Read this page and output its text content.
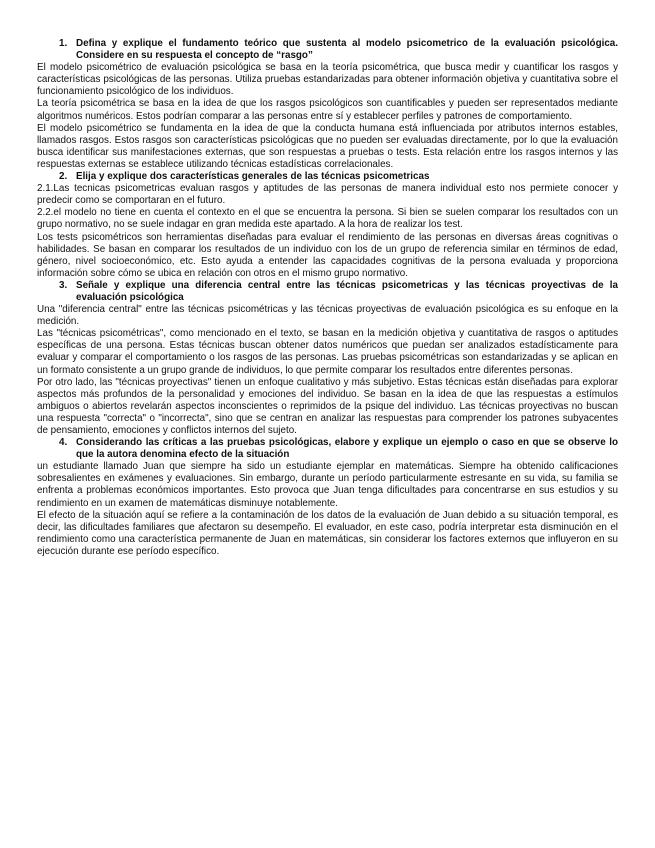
1. Defina y explique el fundamento teórico que sustenta al modelo psicometrico de la evaluación psicológica. Considere en su respuesta el concepto de “rasgo”

El modelo psicométrico de evaluación psicológica se basa en la teoría psicométrica, que busca medir y cuantificar los rasgos y características psicológicas de las personas. Utiliza pruebas estandarizadas para obtener información objetiva y cuantitativa sobre el funcionamiento psicológico de los individuos.

La teoría psicométrica se basa en la idea de que los rasgos psicológicos son cuantificables y pueden ser representados mediante algoritmos numéricos. Estos podrían comparar a las personas entre sí y establecer perfiles y patrones de comportamiento.

El modelo psicométrico se fundamenta en la idea de que la conducta humana está influenciada por atributos internos estables, llamados rasgos. Estos rasgos son características psicológicas que no pueden ser evaluadas directamente, por lo que la evaluación busca identificar sus manifestaciones externas, que son respuestas a pruebas o tests. Esta relación entre los rasgos internos y las respuestas externas se establece utilizando técnicas estadísticas correlacionales.

2. Elija y explique dos características generales de las técnicas psicometricas

2.1.Las tecnicas psicometricas evaluan rasgos y aptitudes de las personas de manera individual esto nos permiete conocer y predecir como se comportaran en el futuro.

2.2.el modelo no tiene en cuenta el contexto en el que se encuentra la persona. Si bien se suelen comparar los resultados con un grupo normativo, no se suele indagar en gran medida este apartado. A la hora de realizar los test.

Los tests psicométricos son herramientas diseñadas para evaluar el rendimiento de las personas en diversas áreas cognitivas o habilidades. Se basan en comparar los resultados de un individuo con los de un grupo de referencia similar en términos de edad, género, nivel socioeconómico, etc. Esto ayuda a entender las capacidades cognitivas de la persona evaluada y proporciona información sobre cómo se ubica en relación con otros en el mismo grupo normativo.

3. Señale y explique una diferencia central entre las técnicas psicometricas y las técnicas proyectivas de la evaluación psicológica

Una "diferencia central" entre las técnicas psicométricas y las técnicas proyectivas de evaluación psicológica es su enfoque en la medición.

Las "técnicas psicométricas", como mencionado en el texto, se basan en la medición objetiva y cuantitativa de rasgos o aptitudes específicas de una persona. Estas técnicas buscan obtener datos numéricos que puedan ser analizados estadísticamente para evaluar y comparar el comportamiento o los rasgos de las personas. Las pruebas psicométricas son estandarizadas y se aplican en un formato consistente a un grupo grande de individuos, lo que permite comparar los resultados entre diferentes personas.

Por otro lado, las "técnicas proyectivas" tienen un enfoque cualitativo y más subjetivo. Estas técnicas están diseñadas para explorar aspectos más profundos de la personalidad y emociones del individuo. Se basan en la idea de que las respuestas a estímulos ambiguos o abiertos revelarán aspectos inconscientes o reprimidos de la psique del individuo. Las técnicas proyectivas no buscan una respuesta "correcta" o "incorrecta", sino que se centran en analizar las respuestas para comprender los patrones subyacentes de pensamiento, emociones y conflictos internos del sujeto.

4. Considerando las críticas a las pruebas psicológicas, elabore y explique un ejemplo o caso en que se observe lo que la autora denomina efecto de la situación

un estudiante llamado Juan que siempre ha sido un estudiante ejemplar en matemáticas. Siempre ha obtenido calificaciones sobresalientes en exámenes y evaluaciones. Sin embargo, durante un período particularmente estresante en su vida, su familia se enfrenta a problemas económicos importantes. Esto provoca que Juan tenga dificultades para concentrarse en sus estudios y su rendimiento en un examen de matemáticas disminuye notablemente.

El efecto de la situación aquí se refiere a la contaminación de los datos de la evaluación de Juan debido a su situación temporal, es decir, las dificultades familiares que afectaron su desempeño. El evaluador, en este caso, podría interpretar esta disminución en el rendimiento como una característica permanente de Juan en matemáticas, sin considerar los factores externos que influyeron en su ejecución durante ese período específico.
